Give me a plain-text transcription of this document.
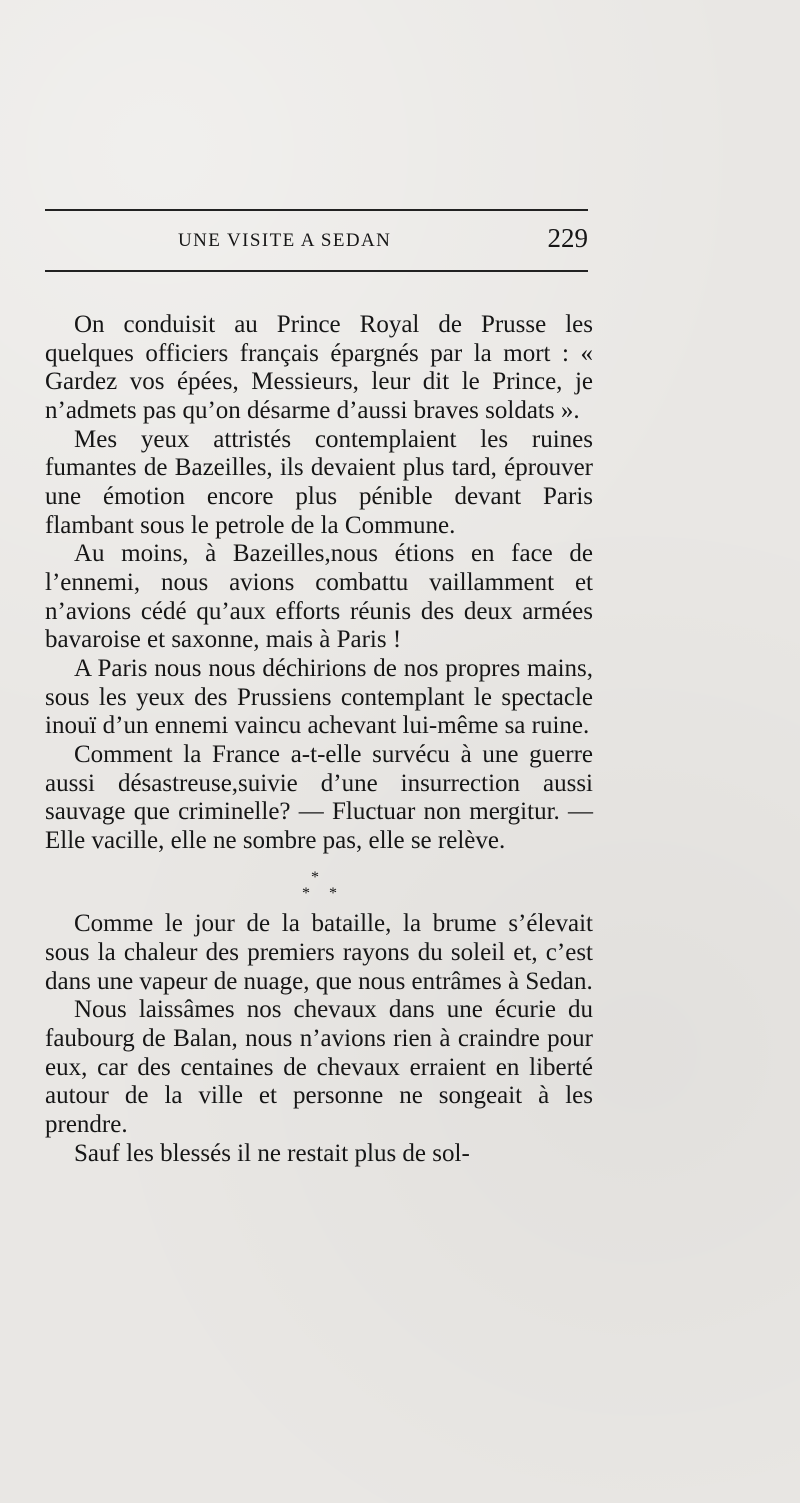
UNE VISITE A SEDAN	229

On conduisit au Prince Royal de Prusse les quelques officiers français épargnés par la mort : « Gardez vos épées, Messieurs, leur dit le Prince, je n’admets pas qu’on désarme d’aussi braves soldats ».

Mes yeux attristés contemplaient les ruines fumantes de Bazeilles, ils devaient plus tard, éprouver une émotion encore plus pénible devant Paris flambant sous le petrole de la Commune.

Au moins, à Bazeilles,nous étions en face de l’ennemi, nous avions combattu vaillamment et n’avions cédé qu’aux efforts réunis des deux armées bavaroise et saxonne, mais à Paris !

A Paris nous nous déchirions de nos propres mains, sous les yeux des Prussiens contemplant le spectacle inouï d’un ennemi vaincu achevant lui-même sa ruine.

Comment la France a-t-elle survécu à une guerre aussi désastreuse,suivie d’une insurrection aussi sauvage que criminelle? — Fluctuar non mergitur. — Elle vacille, elle ne sombre pas, elle se relève.

*
* *

Comme le jour de la bataille, la brume s’élevait sous la chaleur des premiers rayons du soleil et, c’est dans une vapeur de nuage, que nous entrâmes à Sedan.

Nous laissâmes nos chevaux dans une écurie du faubourg de Balan, nous n’avions rien à craindre pour eux, car des centaines de chevaux erraient en liberté autour de la ville et personne ne songeait à les prendre.

Sauf les blessés il ne restait plus de sol-
